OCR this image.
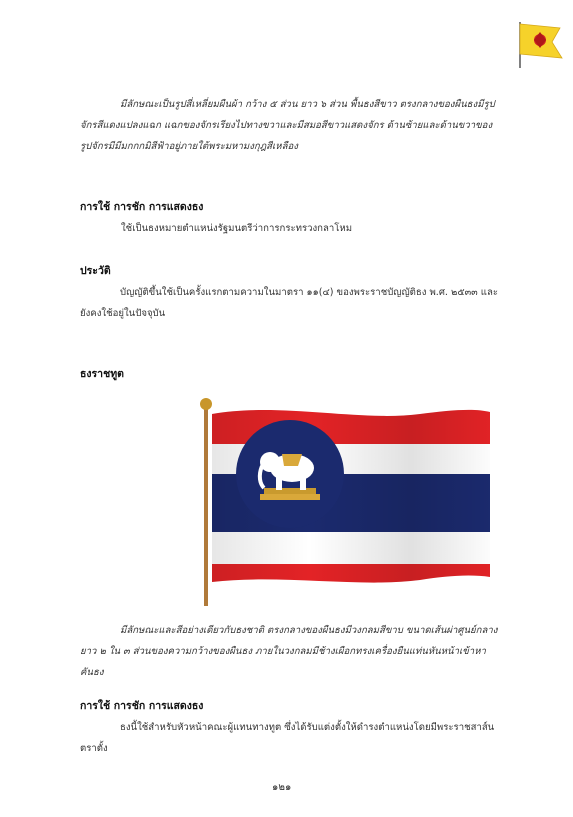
มีลักษณะเป็นรูปสี่เหลี่ยมผืนผ้า กว้าง ๕ ส่วน ยาว ๖ ส่วน พื้นธงสีขาว ตรงกลางของผืนธงมีรูปจักรสีแดงแปลงแฉก แฉกของจักรเรียงไปทางขวาและมีสมอสีขาวแสดงจักร ด้านซ้ายและด้านขวาของรูปจักรมีมีมกกกมิสีฟ้าอยู่ภายใต้พระมหามงกุฎสีเหลือง

การใช้ การชัก การแสดงธง

ใช้เป็นธงหมายตำแหน่งรัฐมนตรีว่าการกระทรวงกลาโหม

ประวัติ

บัญญัติขึ้นใช้เป็นครั้งแรกตามความในมาตรา ๑๑(๔) ของพระราชบัญญัติธง พ.ศ. ๒๕๓๓ และยังคงใช้อยู่ในปัจจุบัน

ธงราชทูต

มีลักษณะและสีอย่างเดียวกับธงชาติ ตรงกลางของผืนธงมีวงกลมสีขาบ ขนาดเส้นผ่าศูนย์กลางยาว ๒ ใน ๓ ส่วนของความกว้างของผืนธง ภายในวงกลมมีช้างเผือกทรงเครื่องยืนแท่นหันหน้าเข้าหาคันธง

การใช้ การชัก การแสดงธง

ธงนี้ใช้สำหรับหัวหน้าคณะผู้แทนทางทูต ซึ่งได้รับแต่งตั้งให้ดำรงตำแหน่งโดยมีพระราชสาส์นตราตั้ง

๑๒๑
